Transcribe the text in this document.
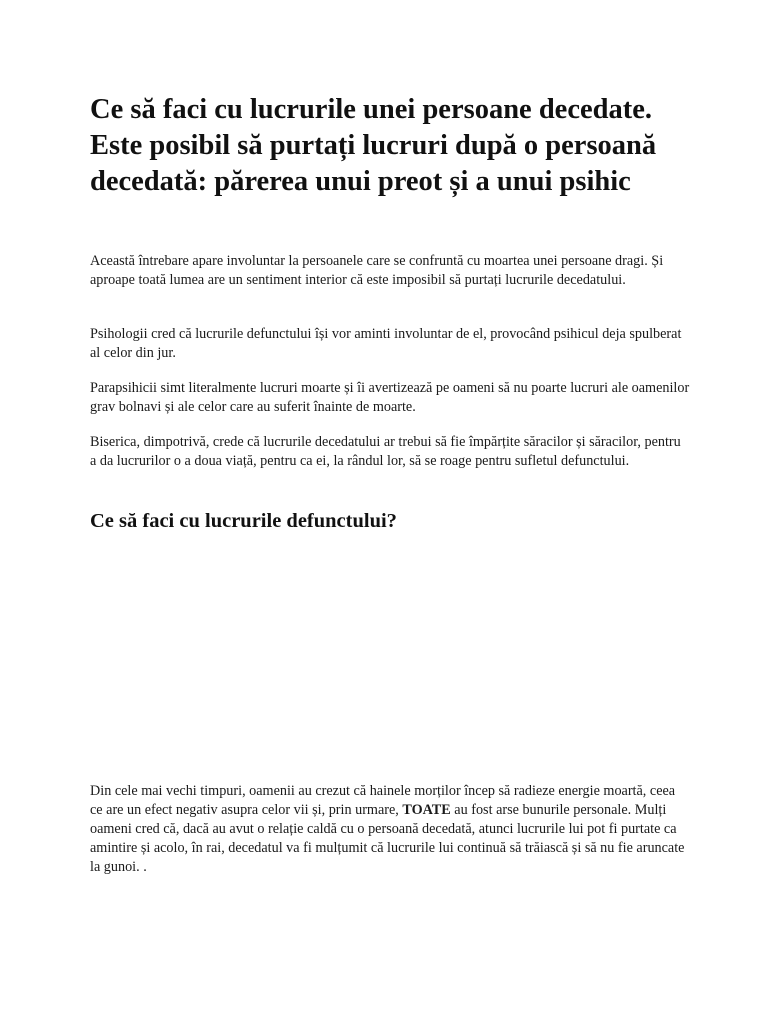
Ce să faci cu lucrurile unei persoane decedate. Este posibil să purtați lucruri după o persoană decedată: părerea unui preot și a unui psihic

Această întrebare apare involuntar la persoanele care se confruntă cu moartea unei persoane dragi. Și aproape toată lumea are un sentiment interior că este imposibil să purtați lucrurile decedatului.

Psihologii cred că lucrurile defunctului își vor aminti involuntar de el, provocând psihicul deja spulberat al celor din jur.

Parapsihicii simt literalmente lucruri moarte și îi avertizează pe oameni să nu poarte lucruri ale oamenilor grav bolnavi și ale celor care au suferit înainte de moarte.

Biserica, dimpotrivă, crede că lucrurile decedatului ar trebui să fie împărțite săracilor și săracilor, pentru a da lucrurilor o a doua viață, pentru ca ei, la rândul lor, să se roage pentru sufletul defunctului.

Ce să faci cu lucrurile defunctului?

Din cele mai vechi timpuri, oamenii au crezut că hainele morților încep să radieze energie moartă, ceea ce are un efect negativ asupra celor vii și, prin urmare, TOATE au fost arse bunurile personale. Mulți oameni cred că, dacă au avut o relație caldă cu o persoană decedată, atunci lucrurile lui pot fi purtate ca amintire și acolo, în rai, decedatul va fi mulțumit că lucrurile lui continuă să trăiască și să nu fie aruncate la gunoi. .
